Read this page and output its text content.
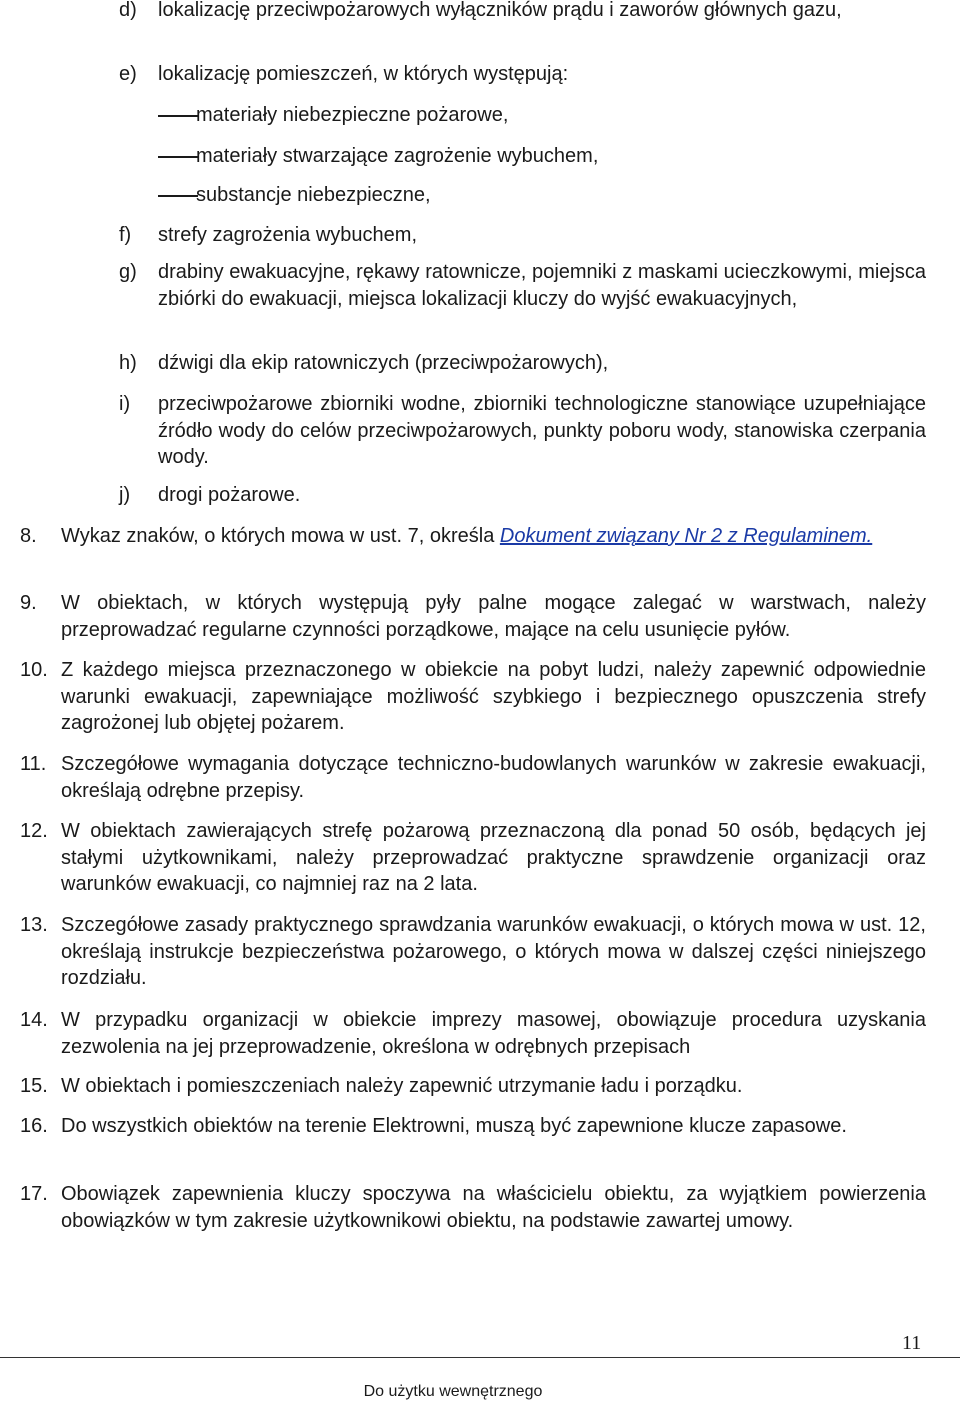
d) lokalizację przeciwpożarowych wyłączników prądu i zaworów głównych gazu,
e) lokalizację pomieszczeń, w których występują:
materiały niebezpieczne pożarowe,
materiały stwarzające zagrożenie wybuchem,
substancje niebezpieczne,
f) strefy zagrożenia wybuchem,
g) drabiny ewakuacyjne, rękawy ratownicze, pojemniki z maskami ucieczkowymi, miejsca zbiórki do ewakuacji, miejsca lokalizacji kluczy do wyjść ewakuacyjnych,
h) dźwigi dla ekip ratowniczych (przeciwpożarowych),
i) przeciwpożarowe zbiorniki wodne, zbiorniki technologiczne stanowiące uzupełniające źródło wody do celów przeciwpożarowych, punkty poboru wody, stanowiska czerpania wody.
j) drogi pożarowe.
8. Wykaz znaków, o których mowa w ust. 7, określa Dokument związany Nr 2 z Regulaminem.
9. W obiektach, w których występują pyły palne mogące zalegać w warstwach, należy przeprowadzać regularne czynności porządkowe, mające na celu usunięcie pyłów.
10. Z każdego miejsca przeznaczonego w obiekcie na pobyt ludzi, należy zapewnić odpowiednie warunki ewakuacji, zapewniające możliwość szybkiego i bezpiecznego opuszczenia strefy zagrożonej lub objętej pożarem.
11. Szczegółowe wymagania dotyczące techniczno-budowlanych warunków w zakresie ewakuacji, określają odrębne przepisy.
12. W obiektach zawierających strefę pożarową przeznaczoną dla ponad 50 osób, będących jej stałymi użytkownikami, należy przeprowadzać praktyczne sprawdzenie organizacji oraz warunków ewakuacji, co najmniej raz na 2 lata.
13. Szczegółowe zasady praktycznego sprawdzania warunków ewakuacji, o których mowa w ust. 12, określają instrukcje bezpieczeństwa pożarowego, o których mowa w dalszej części niniejszego rozdziału.
14. W przypadku organizacji w obiekcie imprezy masowej, obowiązuje procedura uzyskania zezwolenia na jej przeprowadzenie, określona w odrębnych przepisach
15. W obiektach i pomieszczeniach należy zapewnić utrzymanie ładu i porządku.
16. Do wszystkich obiektów na terenie Elektrowni, muszą być zapewnione klucze zapasowe.
17. Obowiązek zapewnienia kluczy spoczywa na właścicielu obiektu, za wyjątkiem powierzenia obowiązków w tym zakresie użytkownikowi obiektu, na podstawie zawartej umowy.
11
Do użytku wewnętrznego
